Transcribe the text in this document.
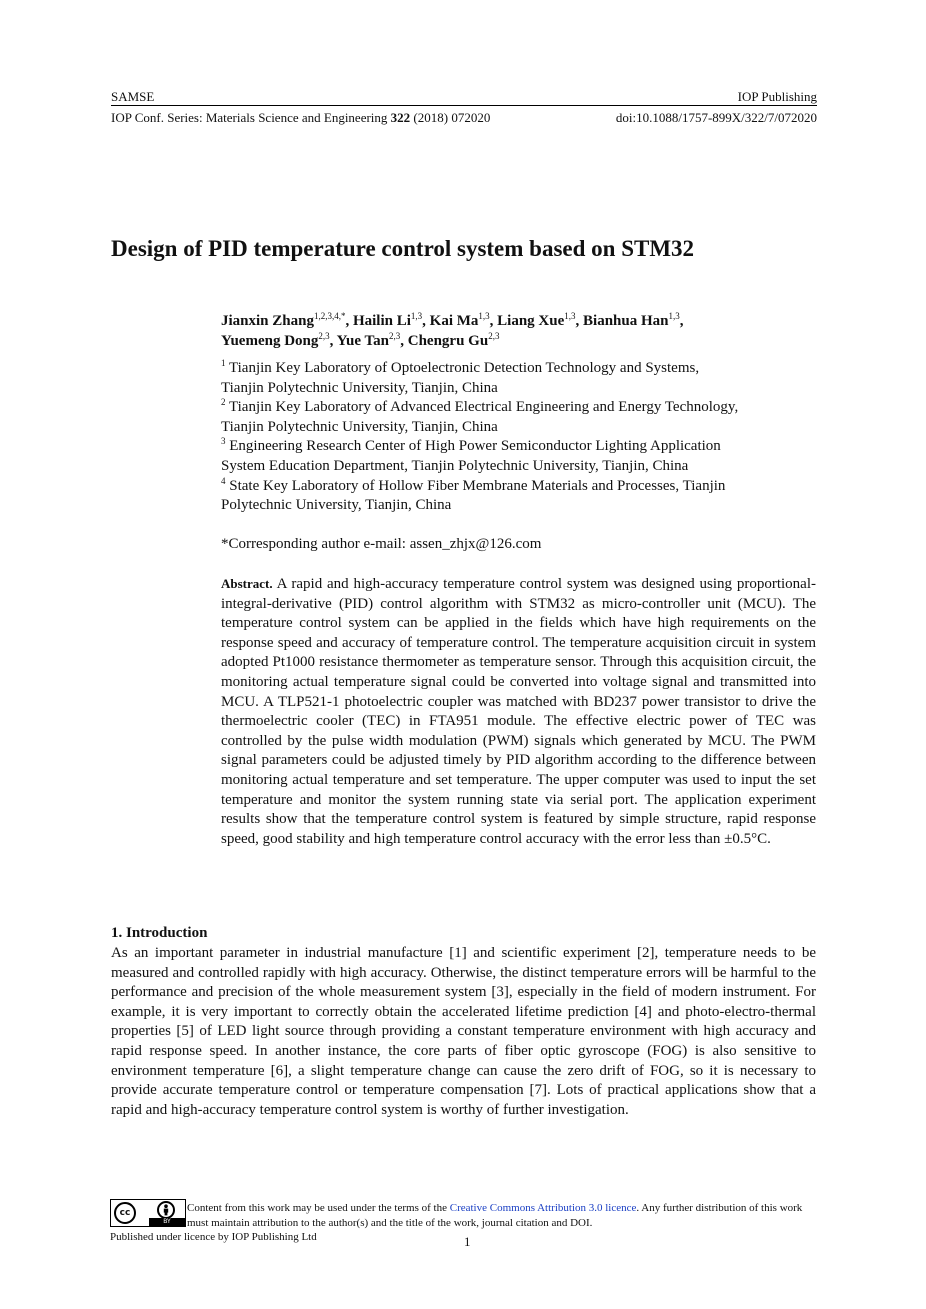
SAMSE	IOP Publishing
IOP Conf. Series: Materials Science and Engineering 322 (2018) 072020	doi:10.1088/1757-899X/322/7/072020
Design of PID temperature control system based on STM32
Jianxin Zhang$^{1,2,3,4,*}$, Hailin Li$^{1,3}$, Kai Ma$^{1,3}$, Liang Xue$^{1,3}$, Bianhua Han$^{1,3}$,
Yuemeng Dong$^{2,3}$, Yue Tan$^{2,3}$, Chengru Gu$^{2,3}$
$^1$ Tianjin Key Laboratory of Optoelectronic Detection Technology and Systems,
Tianjin Polytechnic University, Tianjin, China
$^2$ Tianjin Key Laboratory of Advanced Electrical Engineering and Energy Technology,
Tianjin Polytechnic University, Tianjin, China
$^3$ Engineering Research Center of High Power Semiconductor Lighting Application
System Education Department, Tianjin Polytechnic University, Tianjin, China
$^4$ State Key Laboratory of Hollow Fiber Membrane Materials and Processes, Tianjin
Polytechnic University, Tianjin, China
*Corresponding author e-mail: assen_zhjx@126.com
Abstract. A rapid and high-accuracy temperature control system was designed using proportional-integral-derivative (PID) control algorithm with STM32 as micro-controller unit (MCU). The temperature control system can be applied in the fields which have high requirements on the response speed and accuracy of temperature control. The temperature acquisition circuit in system adopted Pt1000 resistance thermometer as temperature sensor. Through this acquisition circuit, the monitoring actual temperature signal could be converted into voltage signal and transmitted into MCU. A TLP521-1 photoelectric coupler was matched with BD237 power transistor to drive the thermoelectric cooler (TEC) in FTA951 module. The effective electric power of TEC was controlled by the pulse width modulation (PWM) signals which generated by MCU. The PWM signal parameters could be adjusted timely by PID algorithm according to the difference between monitoring actual temperature and set temperature. The upper computer was used to input the set temperature and monitor the system running state via serial port. The application experiment results show that the temperature control system is featured by simple structure, rapid response speed, good stability and high temperature control accuracy with the error less than ±0.5°C.
1. Introduction
As an important parameter in industrial manufacture [1] and scientific experiment [2], temperature needs to be measured and controlled rapidly with high accuracy. Otherwise, the distinct temperature errors will be harmful to the performance and precision of the whole measurement system [3], especially in the field of modern instrument. For example, it is very important to correctly obtain the accelerated lifetime prediction [4] and photo-electro-thermal properties [5] of LED light source through providing a constant temperature environment with high accuracy and rapid response speed. In another instance, the core parts of fiber optic gyroscope (FOG) is also sensitive to environment temperature [6], a slight temperature change can cause the zero drift of FOG, so it is necessary to provide accurate temperature control or temperature compensation [7]. Lots of practical applications show that a rapid and high-accuracy temperature control system is worthy of further investigation.
cc
BY
Content from this work may be used under the terms of the Creative Commons Attribution 3.0 licence. Any further distribution of this work must maintain attribution to the author(s) and the title of the work, journal citation and DOI.
Published under licence by IOP Publishing Ltd	1
